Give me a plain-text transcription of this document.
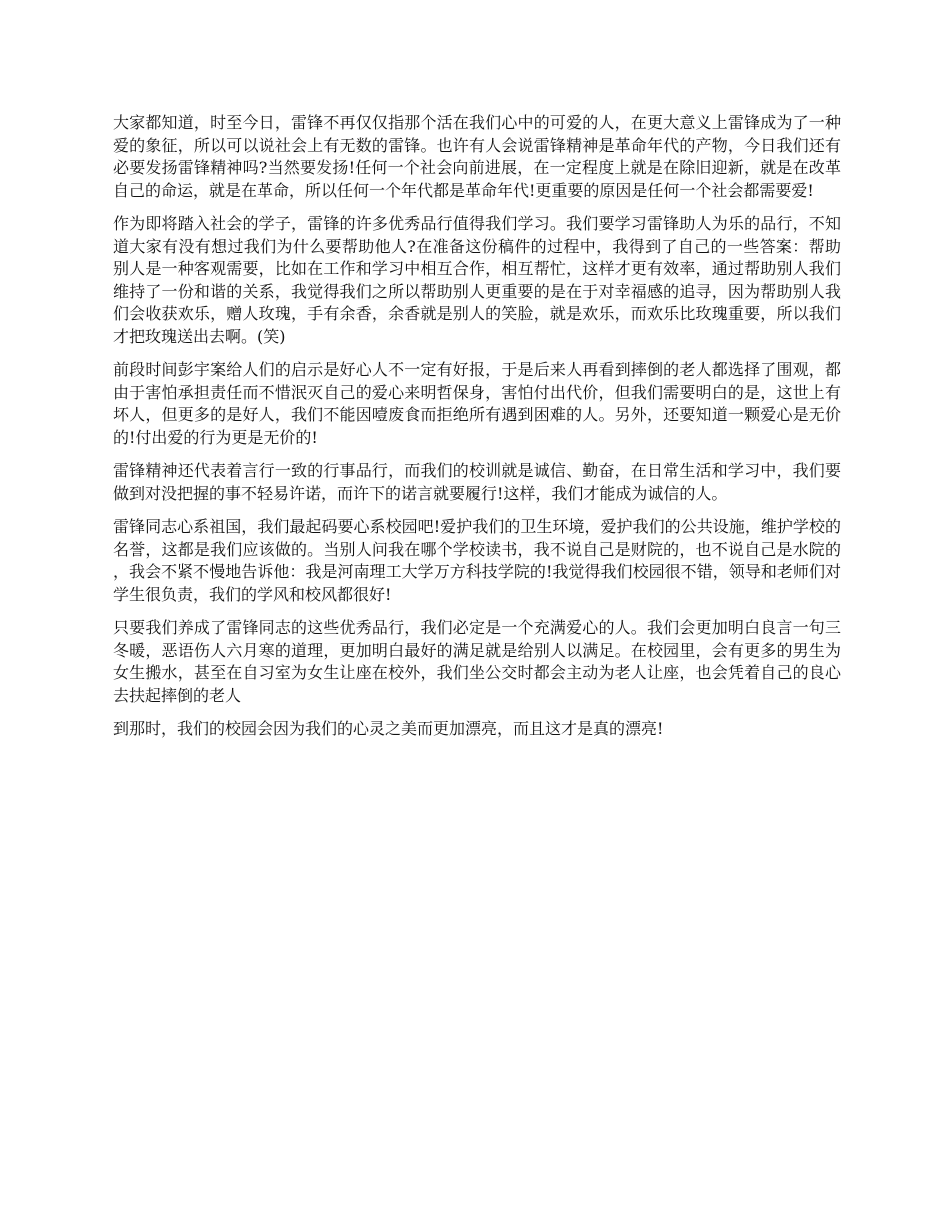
大家都知道，时至今日，雷锋不再仅仅指那个活在我们心中的可爱的人，在更大意义上雷锋成为了一种爱的象征，所以可以说社会上有无数的雷锋。也许有人会说雷锋精神是革命年代的产物，今日我们还有必要发扬雷锋精神吗?当然要发扬!任何一个社会向前进展，在一定程度上就是在除旧迎新，就是在改革自己的命运，就是在革命，所以任何一个年代都是革命年代!更重要的原因是任何一个社会都需要爱!

作为即将踏入社会的学子，雷锋的许多优秀品行值得我们学习。我们要学习雷锋助人为乐的品行，不知道大家有没有想过我们为什么要帮助他人?在准备这份稿件的过程中，我得到了自己的一些答案：帮助别人是一种客观需要，比如在工作和学习中相互合作，相互帮忙，这样才更有效率，通过帮助别人我们维持了一份和谐的关系，我觉得我们之所以帮助别人更重要的是在于对幸福感的追寻，因为帮助别人我们会收获欢乐，赠人玫瑰，手有余香，余香就是别人的笑脸，就是欢乐，而欢乐比玫瑰重要，所以我们才把玫瑰送出去啊。(笑)

前段时间彭宇案给人们的启示是好心人不一定有好报，于是后来人再看到摔倒的老人都选择了围观，都由于害怕承担责任而不惜泯灭自己的爱心来明哲保身，害怕付出代价，但我们需要明白的是，这世上有坏人，但更多的是好人，我们不能因噎废食而拒绝所有遇到困难的人。另外，还要知道一颗爱心是无价的!付出爱的行为更是无价的!

雷锋精神还代表着言行一致的行事品行，而我们的校训就是诚信、勤奋，在日常生活和学习中，我们要做到对没把握的事不轻易许诺，而许下的诺言就要履行!这样，我们才能成为诚信的人。

雷锋同志心系祖国，我们最起码要心系校园吧!爱护我们的卫生环境，爱护我们的公共设施，维护学校的名誉，这都是我们应该做的。当别人问我在哪个学校读书，我不说自己是财院的，也不说自己是水院的，我会不紧不慢地告诉他：我是河南理工大学万方科技学院的!我觉得我们校园很不错，领导和老师们对学生很负责，我们的学风和校风都很好!

只要我们养成了雷锋同志的这些优秀品行，我们必定是一个充满爱心的人。我们会更加明白良言一句三冬暖，恶语伤人六月寒的道理，更加明白最好的满足就是给别人以满足。在校园里，会有更多的男生为女生搬水，甚至在自习室为女生让座在校外，我们坐公交时都会主动为老人让座，也会凭着自己的良心去扶起摔倒的老人

到那时，我们的校园会因为我们的心灵之美而更加漂亮，而且这才是真的漂亮!
